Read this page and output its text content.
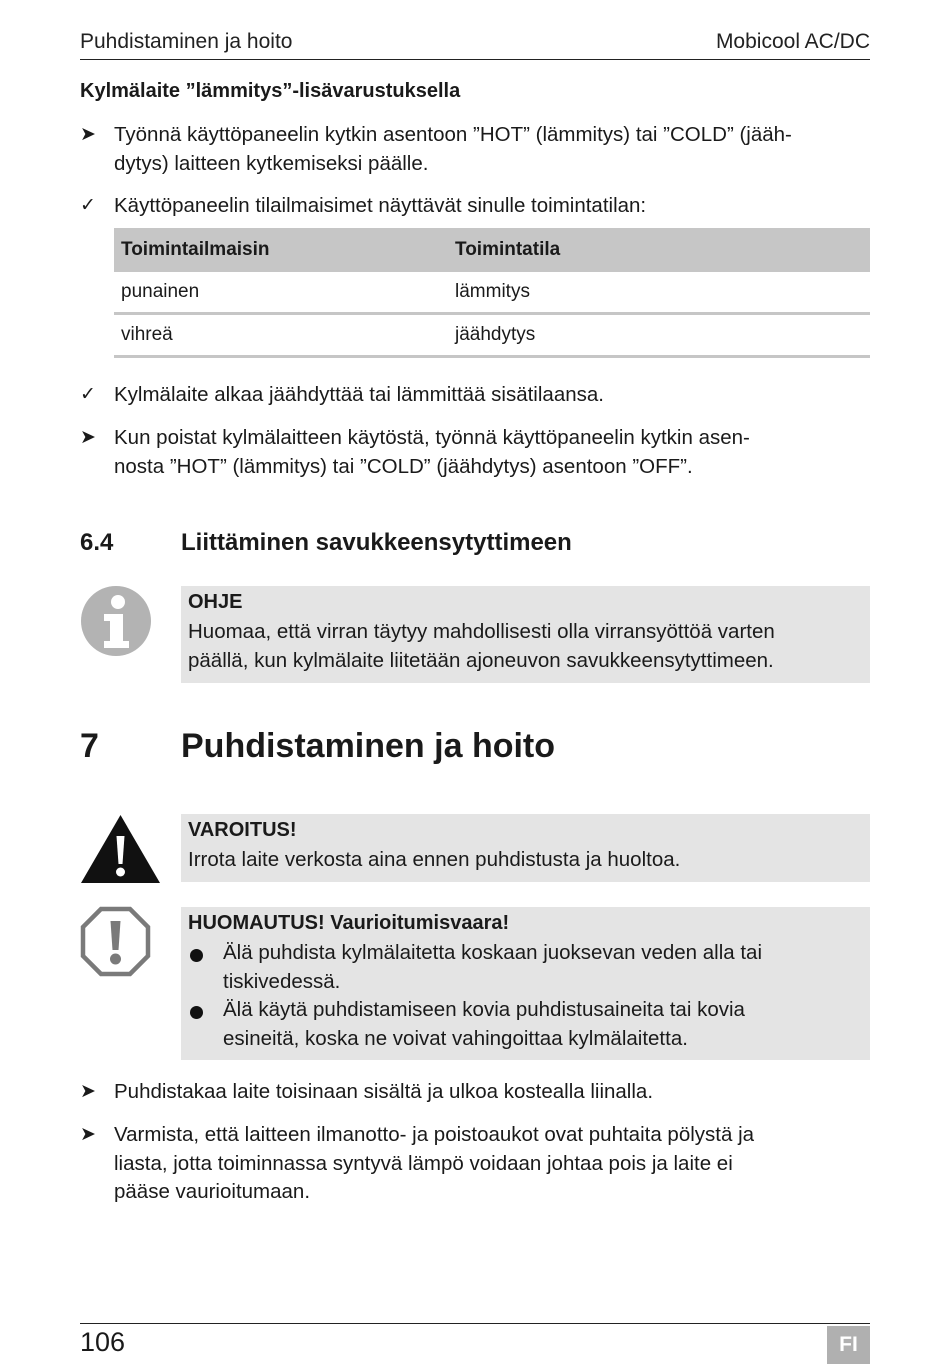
Puhdistaminen ja hoito	Mobicool AC/DC
Kylmälaite ”lämmitys”-lisävarustuksella
➤ Työnnä käyttöpaneelin kytkin asentoon ”HOT” (lämmitys) tai ”COLD” (jääh-
dytys) laitteen kytkemiseksi päälle.
✓ Käyttöpaneelin tilailmaisimet näyttävät sinulle toimintatilan:
Toimintailmaisin	Toimintatila
punainen	lämmitys
vihreä	jäähdytys
✓ Kylmälaite alkaa jäähdyttää tai lämmittää sisätilaansa.
➤ Kun poistat kylmälaitteen käytöstä, työnnä käyttöpaneelin kytkin asen-
nosta ”HOT” (lämmitys) tai ”COLD” (jäähdytys) asentoon ”OFF”.
6.4	Liittäminen savukkeensytyttimeen
OHJE
Huomaa, että virran täytyy mahdollisesti olla virransyöttöä varten
päällä, kun kylmälaite liitetään ajoneuvon savukkeensytyttimeen.
7 Puhdistaminen ja hoito
VAROITUS!
Irrota laite verkosta aina ennen puhdistusta ja huoltoa.
HUOMAUTUS! Vaurioitumisvaara!
Älä puhdista kylmälaitetta koskaan juoksevan veden alla tai
tiskivedessä.
Älä käytä puhdistamiseen kovia puhdistusaineita tai kovia
esineitä, koska ne voivat vahingoittaa kylmälaitetta.
➤ Puhdistakaa laite toisinaan sisältä ja ulkoa kostealla liinalla.
➤ Varmista, että laitteen ilmanotto- ja poistoaukot ovat puhtaita pölystä ja
liasta, jotta toiminnassa syntyvä lämpö voidaan johtaa pois ja laite ei
pääse vaurioitumaan.
106	FI
